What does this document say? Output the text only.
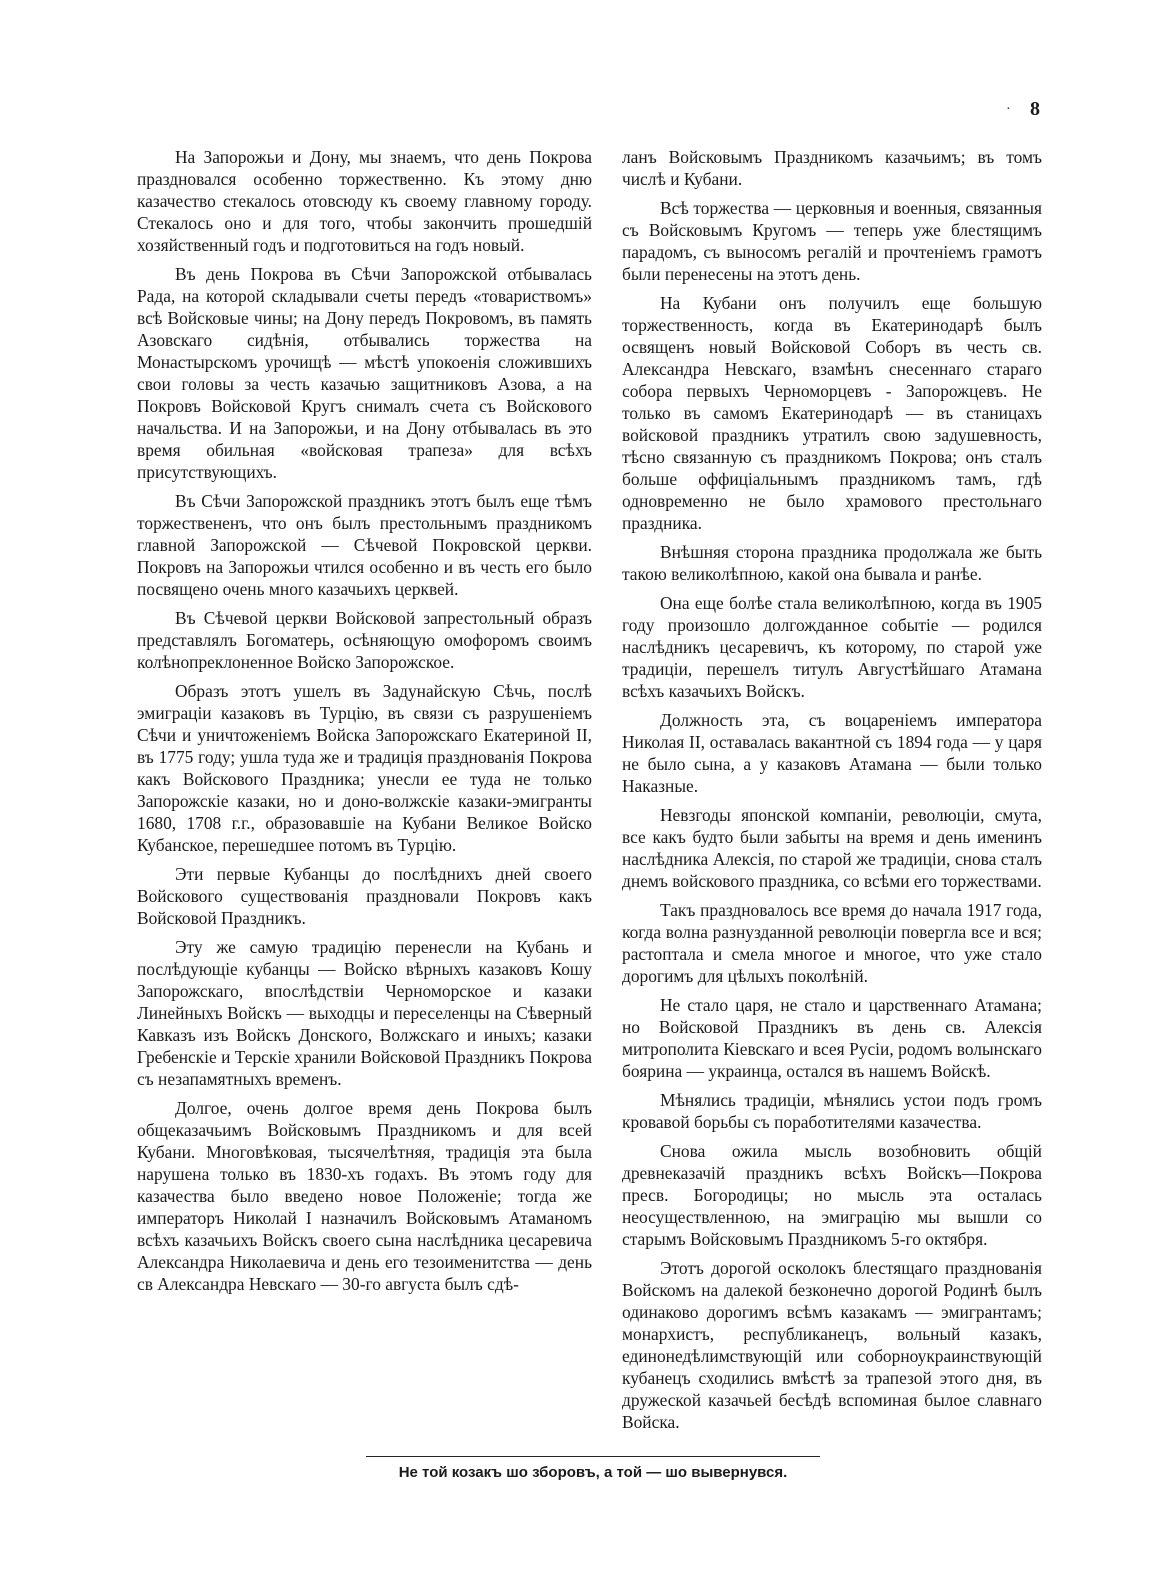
· 8

На Запорожьи и Дону, мы знаемъ, что день Покрова праздновался особенно торжественно. Къ этому дню казачество стекалось отовсюду къ своему главному городу. Стекалось оно и для того, чтобы закончить прошедшій хозяйственный годъ и подготовиться на годъ новый.

Въ день Покрова въ Сѣчи Запорожской отбывалась Рада, на которой складывали счеты передъ «товариствомъ» всѣ Войсковые чины; на Дону передъ Покровомъ, въ память Азовскаго сидѣнія, отбывались торжества на Монастырскомъ урочищѣ — мѣстѣ упокоенія сложившихъ свои головы за честь казачью защитниковъ Азова, а на Покровъ Войсковой Кругъ снималъ счета съ Войскового начальства. И на Запорожьи, и на Дону отбывалась въ это время обильная «войсковая трапеза» для всѣхъ присутствующихъ.

Въ Сѣчи Запорожской праздникъ этотъ былъ еще тѣмъ торжествененъ, что онъ былъ престольнымъ праздникомъ главной Запорожской — Сѣчевой Покровской церкви. Покровъ на Запорожьи чтился особенно и въ честь его было посвящено очень много казачьихъ церквей.

Въ Сѣчевой церкви Войсковой запрестольный образъ представлялъ Богоматерь, осѣняющую омофоромъ своимъ колѣнопреклоненное Войско Запорожское.

Образъ этотъ ушелъ въ Задунайскую Сѣчь, послѣ эмиграціи казаковъ въ Турцію, въ связи съ разрушеніемъ Сѣчи и уничтоженіемъ Войска Запорожскаго Екатериной II, въ 1775 году; ушла туда же и традиція празднованія Покрова какъ Войскового Праздника; унесли ее туда не только Запорожскіе казаки, но и доно-волжскіе казаки-эмигранты 1680, 1708 г.г., образовавшіе на Кубани Великое Войско Кубанское, перешедшее потомъ въ Турцію.

Эти первые Кубанцы до послѣднихъ дней своего Войскового существованія праздновали Покровъ какъ Войсковой Праздникъ.

Эту же самую традицію перенесли на Кубань и послѣдующіе кубанцы — Войско вѣрныхъ казаковъ Кошу Запорожскаго, впослѣдствіи Черноморское и казаки Линейныхъ Войскъ — выходцы и переселенцы на Сѣверный Кавказъ изъ Войскъ Донского, Волжскаго и иныхъ; казаки Гребенскіе и Терскіе хранили Войсковой Праздникъ Покрова съ незапамятныхъ временъ.

Долгое, очень долгое время день Покрова былъ общеказачьимъ Войсковымъ Праздникомъ и для всей Кубани. Многовѣковая, тысячелѣтняя, традиція эта была нарушена только въ 1830-хъ годахъ. Въ этомъ году для казачества было введено новое Положеніе; тогда же императоръ Николай I назначилъ Войсковымъ Атаманомъ всѣхъ казачьихъ Войскъ своего сына наслѣдника цесаревича Александра Николаевича и день его тезоименитства — день св Александра Невскаго — 30-го августа былъ сдѣ-

ланъ Войсковымъ Праздникомъ казачьимъ; въ томъ числѣ и Кубани.

Всѣ торжества — церковныя и военныя, связанныя съ Войсковымъ Кругомъ — теперь уже блестящимъ парадомъ, съ выносомъ регалій и прочтеніемъ грамотъ были перенесены на этотъ день.

На Кубани онъ получилъ еще большую торжественность, когда въ Екатеринодарѣ былъ освященъ новый Войсковой Соборъ въ честь св. Александра Невскаго, взамѣнъ снесеннаго стараго собора первыхъ Черноморцевъ - Запорожцевъ. Не только въ самомъ Екатеринодарѣ — въ станицахъ войсковой праздникъ утратилъ свою задушевность, тѣсно связанную съ праздникомъ Покрова; онъ сталъ больше оффиціальнымъ праздникомъ тамъ, гдѣ одновременно не было храмового престольнаго праздника.

Внѣшняя сторона праздника продолжала же быть такою великолѣпною, какой она бывала и ранѣе.

Она еще болѣе стала великолѣпною, когда въ 1905 году произошло долгожданное событіе — родился наслѣдникъ цесаревичъ, къ которому, по старой уже традиціи, перешелъ титулъ Августѣйшаго Атамана всѣхъ казачьихъ Войскъ.

Должность эта, съ воцареніемъ императора Николая II, оставалась вакантной съ 1894 года — у царя не было сына, а у казаковъ Атамана — были только Наказные.

Невзгоды японской компаніи, революціи, смута, все какъ будто были забыты на время и день именинъ наслѣдника Алексія, по старой же традиціи, снова сталъ днемъ войскового праздника, со всѣми его торжествами.

Такъ праздновалось все время до начала 1917 года, когда волна разнузданной революціи повергла все и вся; растоптала и смела многое и многое, что уже стало дорогимъ для цѣлыхъ поколѣній.

Не стало царя, не стало и царственнаго Атамана; но Войсковой Праздникъ въ день св. Алексія митрополита Кіевскаго и всея Русіи, родомъ волынскаго боярина — украинца, остался въ нашемъ Войскѣ.

Мѣнялись традиціи, мѣнялись устои подъ громъ кровавой борьбы съ поработителями казачества.

Снова ожила мысль возобновить общій древнеказачій праздникъ всѣхъ Войскъ—Покрова пресв. Богородицы; но мысль эта осталась неосуществленною, на эмиграцію мы вышли со старымъ Войсковымъ Праздникомъ 5-го октября.

Этотъ дорогой осколокъ блестящаго празднованія Войскомъ на далекой безконечно дорогой Родинѣ былъ одинаково дорогимъ всѣмъ казакамъ — эмигрантамъ; монархистъ, республиканецъ, вольный казакъ, единонедѣлимствующій или соборноукраинствующій кубанецъ сходились вмѣстѣ за трапезой этого дня, въ дружеской казачьей бесѣдѣ вспоминая былое славнаго Войска.

Не той козакъ шо зборовъ, а той — шо вывернувся.
